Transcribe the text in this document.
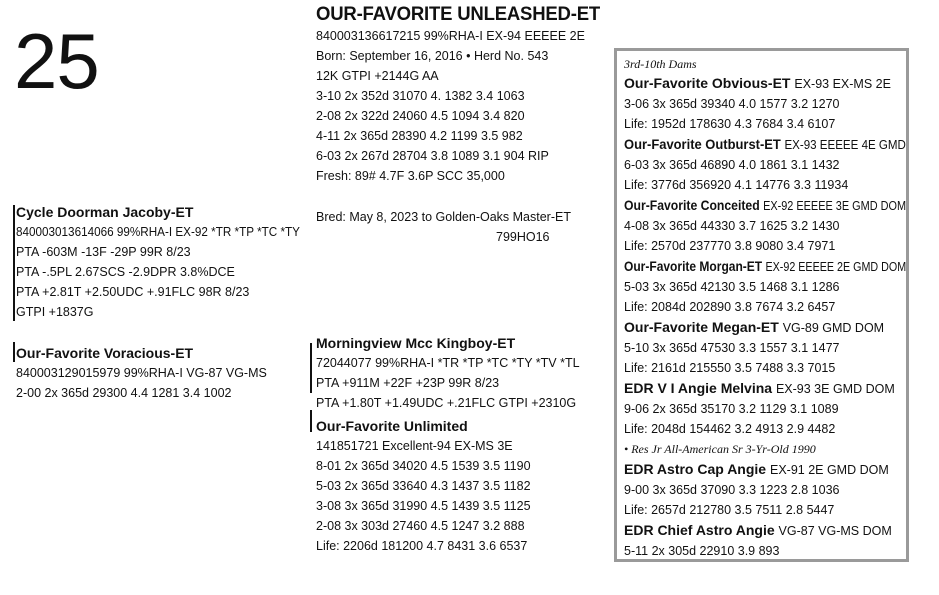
25
OUR-FAVORITE UNLEASHED-ET
840003136617215 99%RHA-I EX-94 EEEEE 2E
Born: September 16, 2016 • Herd No. 543
12K GTPI +2144G AA
3-10 2x 352d 31070 4. 1382 3.4 1063
2-08 2x 322d 24060 4.5 1094 3.4 820
4-11 2x 365d 28390 4.2 1199 3.5 982
6-03 2x 267d 28704 3.8 1089 3.1 904 RIP
Fresh: 89# 4.7F 3.6P SCC 35,000
Bred: May 8, 2023 to Golden-Oaks Master-ET
799HO16
Cycle Doorman Jacoby-ET
840003013614066 99%RHA-I EX-92 *TR *TP *TC *TY
PTA -603M -13F -29P 99R 8/23
PTA -.5PL 2.67SCS -2.9DPR 3.8%DCE
PTA +2.81T +2.50UDC +.91FLC 98R 8/23
GTPI +1837G
Our-Favorite Voracious-ET
840003129015979 99%RHA-I VG-87 VG-MS
2-00 2x 365d 29300 4.4 1281 3.4 1002
Morningview Mcc Kingboy-ET
72044077 99%RHA-I *TR *TP *TC *TY *TV *TL
PTA +911M +22F +23P 99R 8/23
PTA +1.80T +1.49UDC +.21FLC GTPI +2310G
Our-Favorite Unlimited
141851721 Excellent-94 EX-MS 3E
8-01 2x 365d 34020 4.5 1539 3.5 1190
5-03 2x 365d 33640 4.3 1437 3.5 1182
3-08 3x 365d 31990 4.5 1439 3.5 1125
2-08 3x 303d 27460 4.5 1247 3.2 888
Life: 2206d 181200 4.7 8431 3.6 6537
3rd-10th Dams
Our-Favorite Obvious-ET EX-93 EX-MS 2E
3-06 3x 365d 39340 4.0 1577 3.2 1270
Life: 1952d 178630 4.3 7684 3.4 6107
Our-Favorite Outburst-ET EX-93 EEEEE 4E GMD
6-03 3x 365d 46890 4.0 1861 3.1 1432
Life: 3776d 356920 4.1 14776 3.3 11934
Our-Favorite Conceited EX-92 EEEEE 3E GMD DOM
4-08 3x 365d 44330 3.7 1625 3.2 1430
Life: 2570d 237770 3.8 9080 3.4 7971
Our-Favorite Morgan-ET EX-92 EEEEE 2E GMD DOM
5-03 3x 365d 42130 3.5 1468 3.1 1286
Life: 2084d 202890 3.8 7674 3.2 6457
Our-Favorite Megan-ET VG-89 GMD DOM
5-10 3x 365d 47530 3.3 1557 3.1 1477
Life: 2161d 215550 3.5 7488 3.3 7015
EDR V I Angie Melvina EX-93 3E GMD DOM
9-06 2x 365d 35170 3.2 1129 3.1 1089
Life: 2048d 154462 3.2 4913 2.9 4482
• Res Jr All-American Sr 3-Yr-Old 1990
EDR Astro Cap Angie EX-91 2E GMD DOM
9-00 3x 365d 37090 3.3 1223 2.8 1036
Life: 2657d 212780 3.5 7511 2.8 5447
EDR Chief Astro Angie VG-87 VG-MS DOM
5-11 2x 305d 22910 3.9 893
